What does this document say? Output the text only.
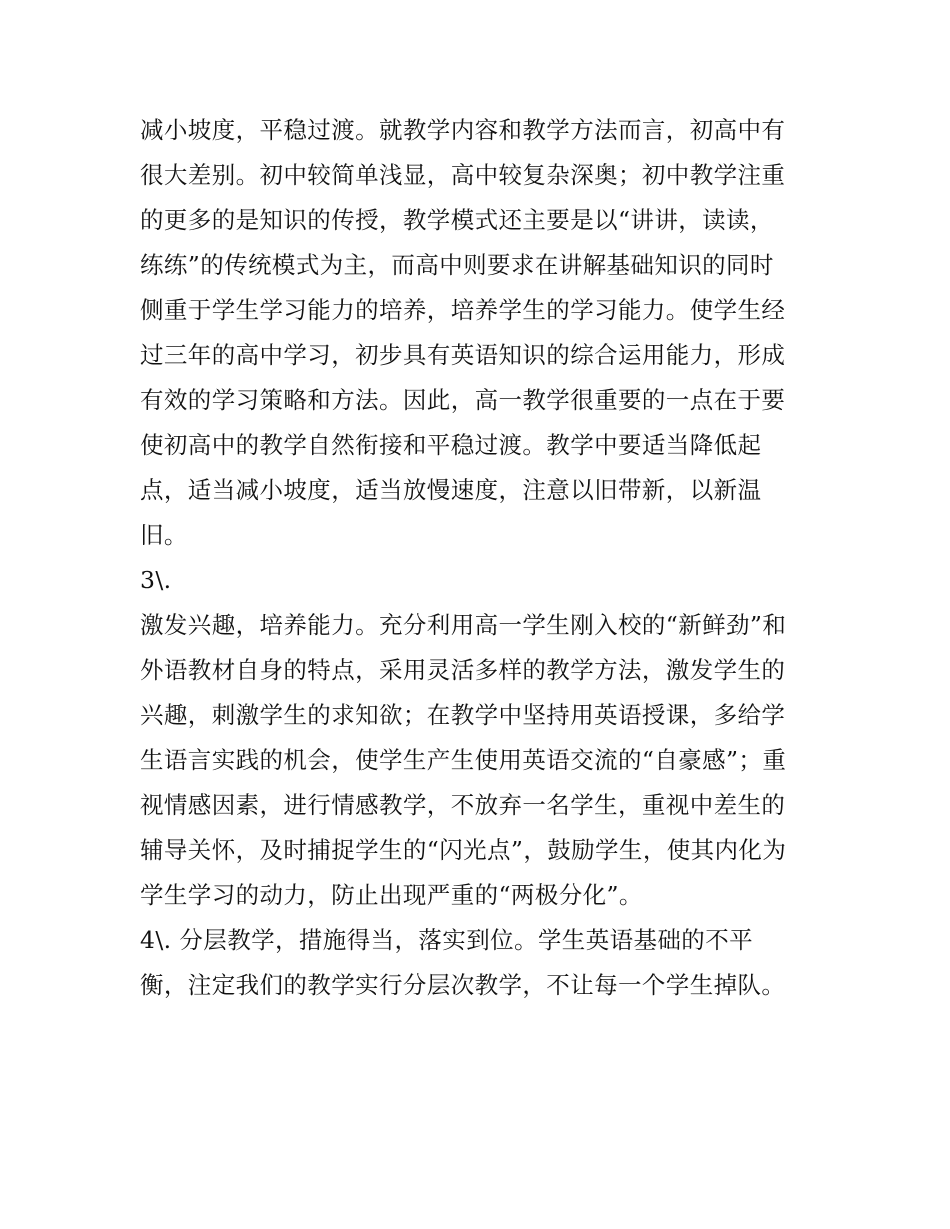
减小坡度，平稳过渡。就教学内容和教学方法而言，初高中有
很大差别。初中较简单浅显，高中较复杂深奥；初中教学注重
的更多的是知识的传授，教学模式还主要是以“讲讲，读读，
练练”的传统模式为主，而高中则要求在讲解基础知识的同时
侧重于学生学习能力的培养，培养学生的学习能力。使学生经
过三年的高中学习，初步具有英语知识的综合运用能力，形成
有效的学习策略和方法。因此，高一教学很重要的一点在于要
使初高中的教学自然衔接和平稳过渡。教学中要适当降低起
点，适当减小坡度，适当放慢速度，注意以旧带新，以新温
旧。
3\.
激发兴趣，培养能力。充分利用高一学生刚入校的“新鲜劲”和
外语教材自身的特点，采用灵活多样的教学方法，激发学生的
兴趣，刺激学生的求知欲；在教学中坚持用英语授课，多给学
生语言实践的机会，使学生产生使用英语交流的“自豪感”；重
视情感因素，进行情感教学，不放弃一名学生，重视中差生的
辅导关怀，及时捕捉学生的“闪光点”，鼓励学生，使其内化为
学生学习的动力，防止出现严重的“两极分化”。
4\. 分层教学，措施得当，落实到位。学生英语基础的不平
衡，注定我们的教学实行分层次教学，不让每一个学生掉队。
